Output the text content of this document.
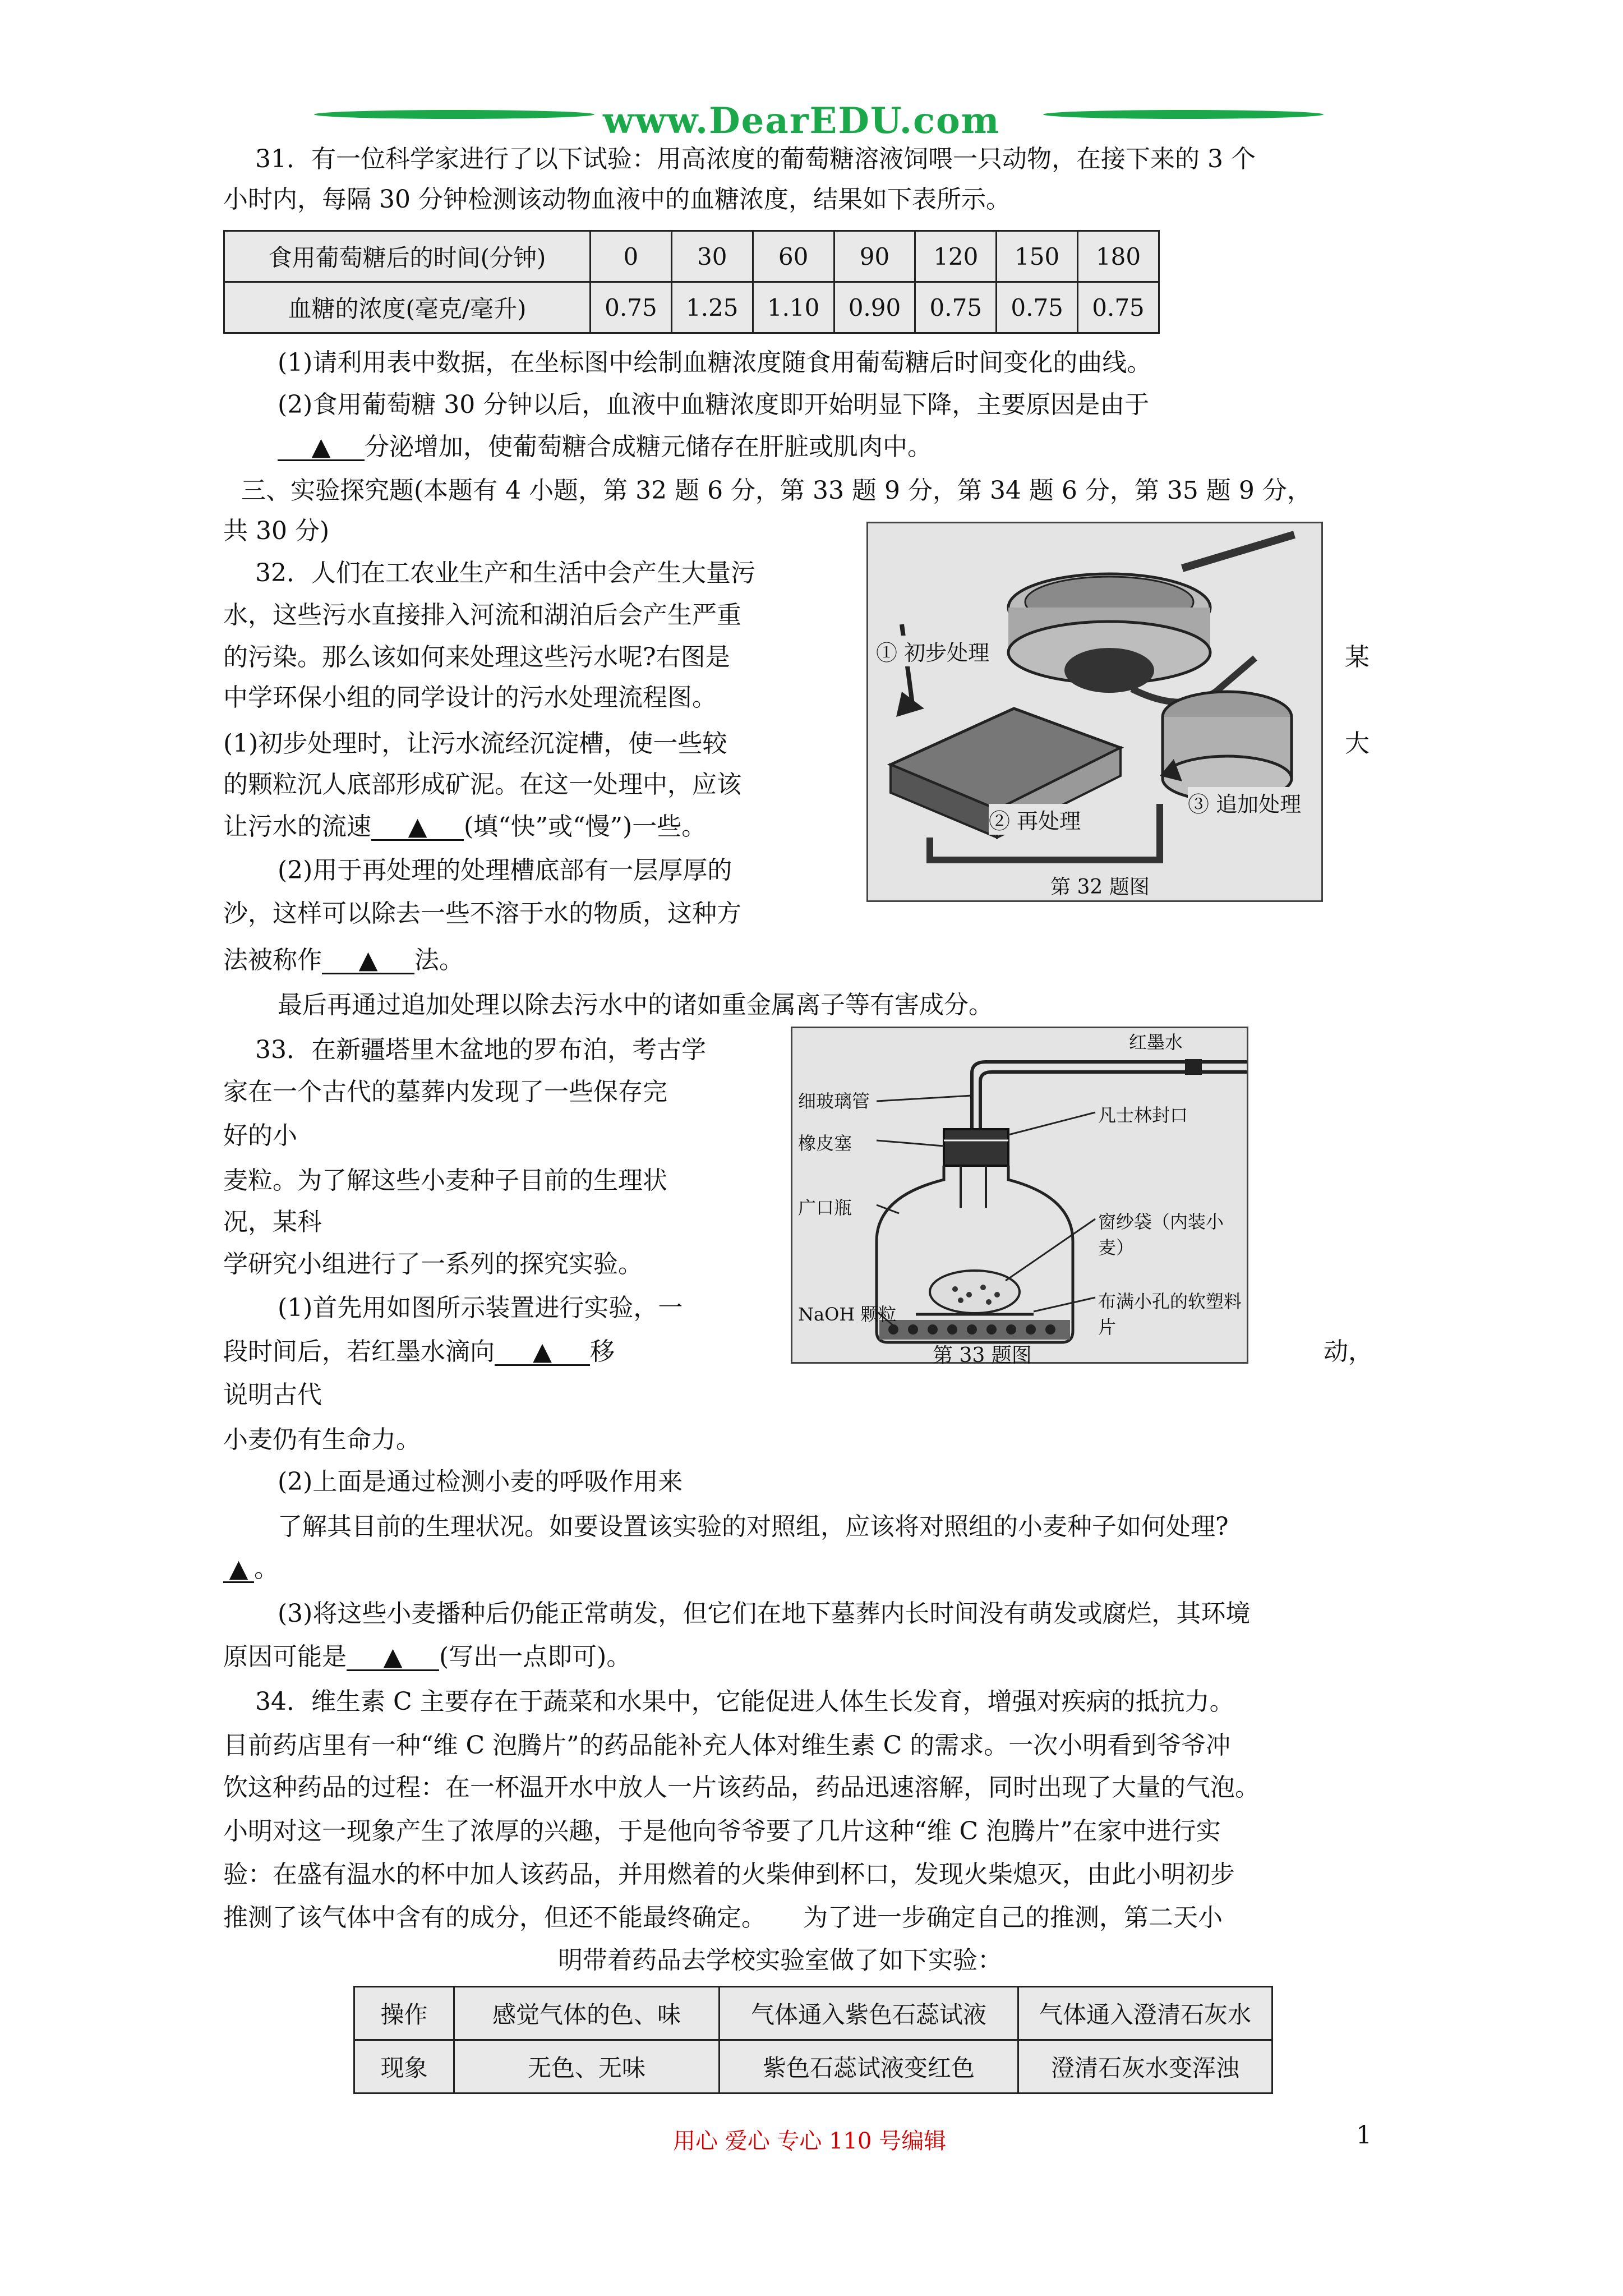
www.DearEDU.com
31．有一位科学家进行了以下试验：用高浓度的葡萄糖溶液饲喂一只动物，在接下来的 3 个
小时内，每隔 30 分钟检测该动物血液中的血糖浓度，结果如下表所示。
食用葡萄糖后的时间(分钟)	0	30	60	90	120	150	180
血糖的浓度(毫克/毫升)	0.75	1.25	1.10	0.90	0.75	0.75	0.75
(1)请利用表中数据，在坐标图中绘制血糖浓度随食用葡萄糖后时间变化的曲线。
(2)食用葡萄糖 30 分钟以后，血液中血糖浓度即开始明显下降，主要原因是由于
▲ 分泌增加，使葡萄糖合成糖元储存在肝脏或肌肉中。
三、实验探究题(本题有 4 小题，第 32 题 6 分，第 33 题 9 分，第 34 题 6 分，第 35 题 9 分，
共 30 分)
32．人们在工农业生产和生活中会产生大量污
水，这些污水直接排入河流和湖泊后会产生严重
的污染。那么该如何来处理这些污水呢?右图是	某
中学环保小组的同学设计的污水处理流程图。
(1)初步处理时，让污水流经沉淀槽，使一些较	大
的颗粒沉人底部形成矿泥。在这一处理中，应该
让污水的流速 ▲ (填“快”或“慢”)一些。
(2)用于再处理的处理槽底部有一层厚厚的
沙，这样可以除去一些不溶于水的物质，这种方
法被称作 ▲ 法。
最后再通过追加处理以除去污水中的诸如重金属离子等有害成分。
① 初步处理
② 再处理
③ 追加处理
第 32 题图
33．在新疆塔里木盆地的罗布泊，考古学
家在一个古代的墓葬内发现了一些保存完
好的小
麦粒。为了解这些小麦种子目前的生理状
况，某科
学研究小组进行了一系列的探究实验。
(1)首先用如图所示装置进行实验，一
段时间后，若红墨水滴向 ▲ 移	动，
说明古代
小麦仍有生命力。
(2)上面是通过检测小麦的呼吸作用来
了解其目前的生理状况。如要设置该实验的对照组，应该将对照组的小麦种子如何处理?
▲ 。
(3)将这些小麦播种后仍能正常萌发，但它们在地下墓葬内长时间没有萌发或腐烂，其环境
原因可能是 ▲ (写出一点即可)。
红墨水
细玻璃管
凡士林封口
橡皮塞
窗纱袋（内装小麦）
广口瓶
布满小孔的软塑料片
NaOH 颗粒
第 33 题图
34．维生素 C 主要存在于蔬菜和水果中，它能促进人体生长发育，增强对疾病的抵抗力。
目前药店里有一种“维 C 泡腾片”的药品能补充人体对维生素 C 的需求。一次小明看到爷爷冲
饮这种药品的过程：在一杯温开水中放人一片该药品，药品迅速溶解，同时出现了大量的气泡。
小明对这一现象产生了浓厚的兴趣，于是他向爷爷要了几片这种“维 C 泡腾片”在家中进行实
验：在盛有温水的杯中加人该药品，并用燃着的火柴伸到杯口，发现火柴熄灭，由此小明初步
推测了该气体中含有的成分，但还不能最终确定。　　为了进一步确定自己的推测，第二天小
明带着药品去学校实验室做了如下实验：
操作	感觉气体的色、味	气体通入紫色石蕊试液	气体通入澄清石灰水
现象	无色、无味	紫色石蕊试液变红色	澄清石灰水变浑浊
用心 爱心 专心 110 号编辑	1
